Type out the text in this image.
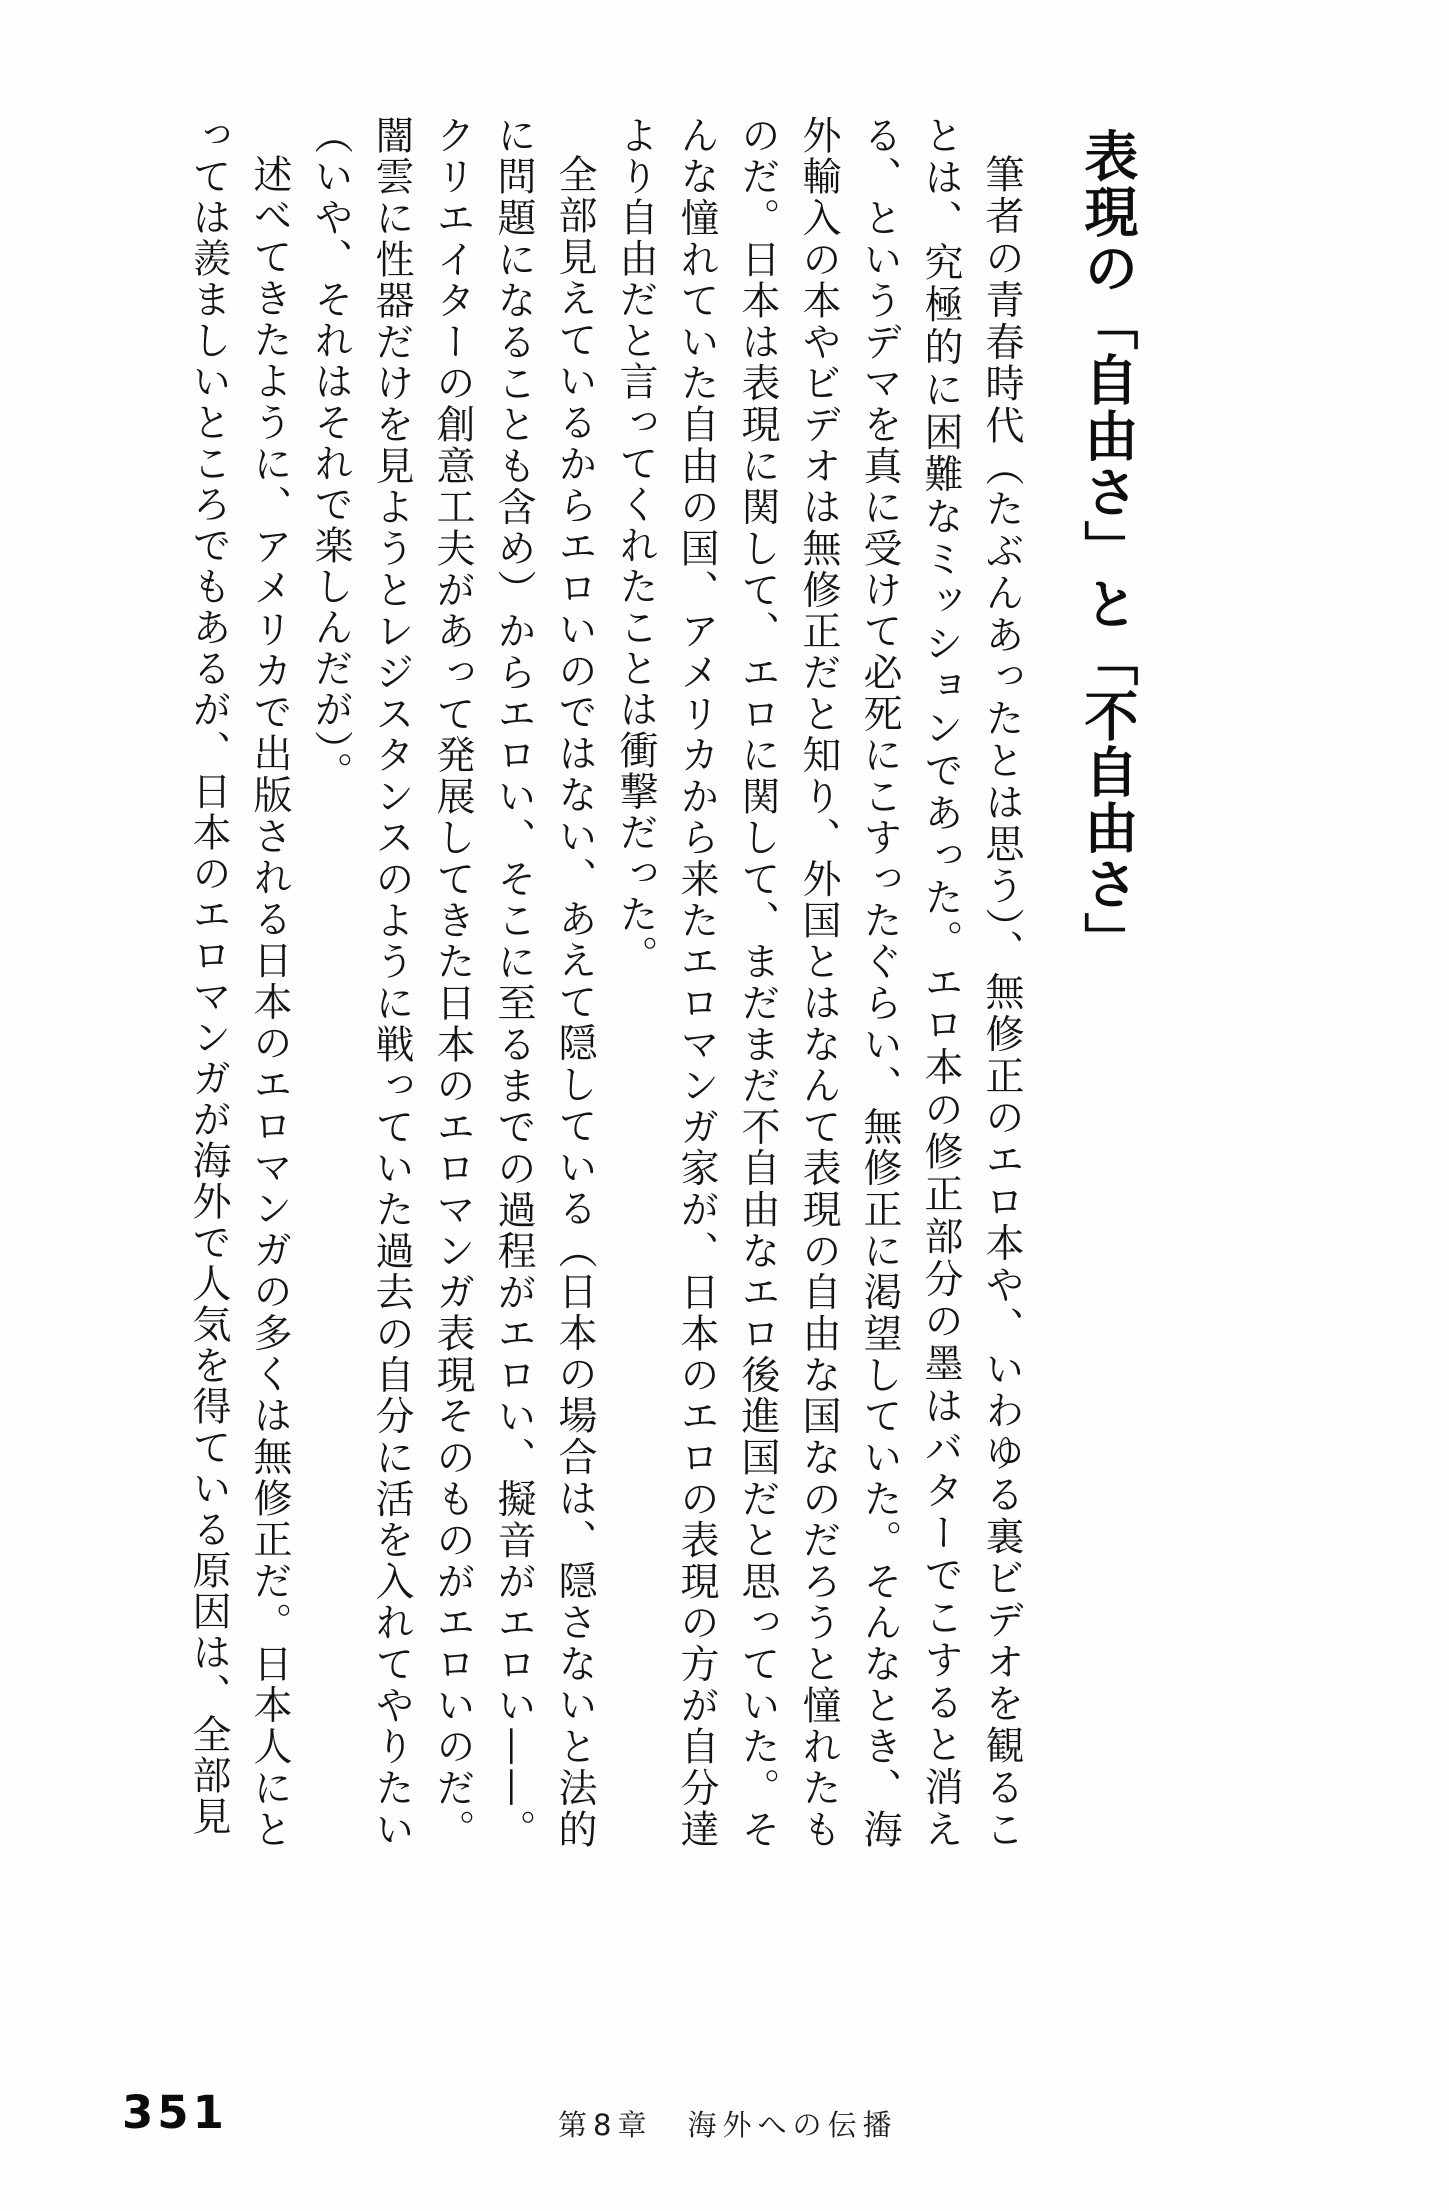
表現の「自由さ」と「不自由さ」

筆者の青春時代（たぶんあったとは思う）、無修正のエロ本や、いわゆる裏ビデオを観ることは、究極的に困難なミッションであった。エロ本の修正部分の墨はバターでこすると消える、というデマを真に受けて必死にこすったぐらい、無修正に渇望していた。そんなとき、海外輸入の本やビデオは無修正だと知り、外国とはなんて表現の自由な国なのだろうと憧れたものだ。日本は表現に関して、エロに関して、まだまだ不自由なエロ後進国だと思っていた。そんな憧れていた自由の国、アメリカから来たエロマンガ家が、日本のエロの表現の方が自分達より自由だと言ってくれたことは衝撃だった。

全部見えているからエロいのではない、あえて隠している（日本の場合は、隠さないと法的に問題になることも含め）からエロい、そこに至るまでの過程がエロい、擬音がエロい——。クリエイターの創意工夫があって発展してきた日本のエロマンガ表現そのものがエロいのだ。闇雲に性器だけを見ようとレジスタンスのように戦っていた過去の自分に活を入れてやりたい（いや、それはそれで楽しんだが）。

述べてきたように、アメリカで出版される日本のエロマンガの多くは無修正だ。日本人にとっては羨ましいところでもあるが、日本のエロマンガが海外で人気を得ている原因は、全部見

351	第8章　海外への伝播
